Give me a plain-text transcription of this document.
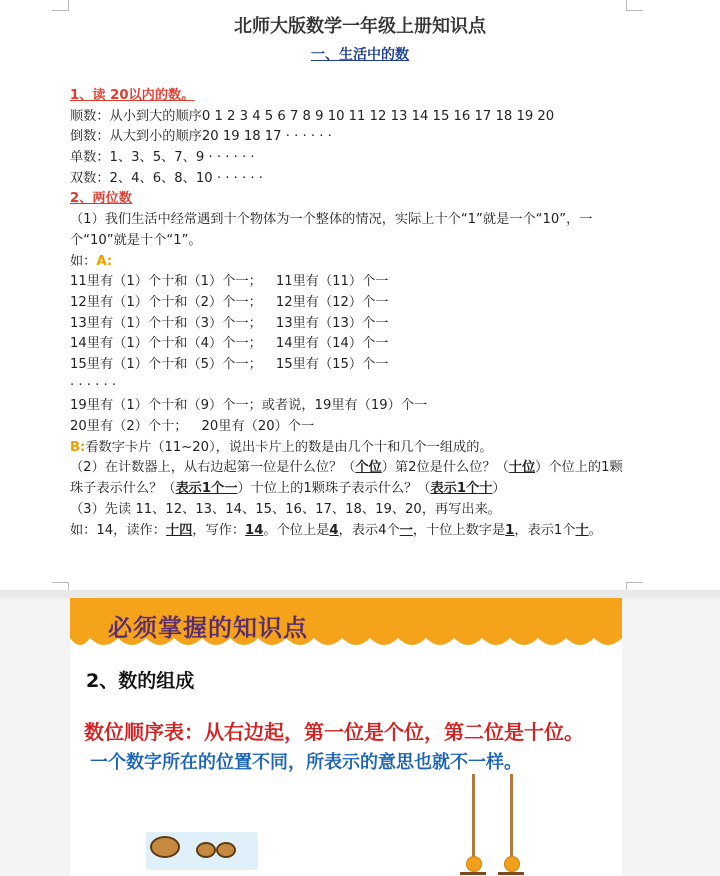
北师大版数学一年级上册知识点
一、生活中的数
1、读 20以内的数。
顺数：从小到大的顺序0 1 2 3 4 5 6 7 8 9 10 11 12 13 14 15 16 17 18 19 20
倒数：从大到小的顺序20 19 18 17 · · · · · ·
单数：1、3、5、7、9 · · · · · ·
双数：2、4、6、8、10 · · · · · ·
2、两位数
（1）我们生活中经常遇到十个物体为一个整体的情况，实际上十个“1”就是一个“10”，一个“10”就是十个“1”。
如：A:
11里有（1）个十和（1）个一； 11里有（11）个一
12里有（1）个十和（2）个一； 12里有（12）个一
13里有（1）个十和（3）个一； 13里有（13）个一
14里有（1）个十和（4）个一； 14里有（14）个一
15里有（1）个十和（5）个一； 15里有（15）个一
· · · · · ·
19里有（1）个十和（9）个一；或者说，19里有（19）个一
20里有（2）个十； 20里有（20）个一
B:看数字卡片（11~20），说出卡片上的数是由几个十和几个一组成的。
（2）在计数器上，从右边起第一位是什么位？（个位）第2位是什么位？（十位）个位上的1颗珠子表示什么？（表示1个一）十位上的1颗珠子表示什么？（表示1个十）
（3）先读 11、12、13、14、15、16、17、18、19、20，再写出来。
如：14，读作：十四，写作：14。个位上是4，表示4个一，十位上数字是1，表示1个十。
必须掌握的知识点
2、数的组成
数位顺序表：从右边起，第一位是个位，第二位是十位。
一个数字所在的位置不同，所表示的意思也就不一样。
